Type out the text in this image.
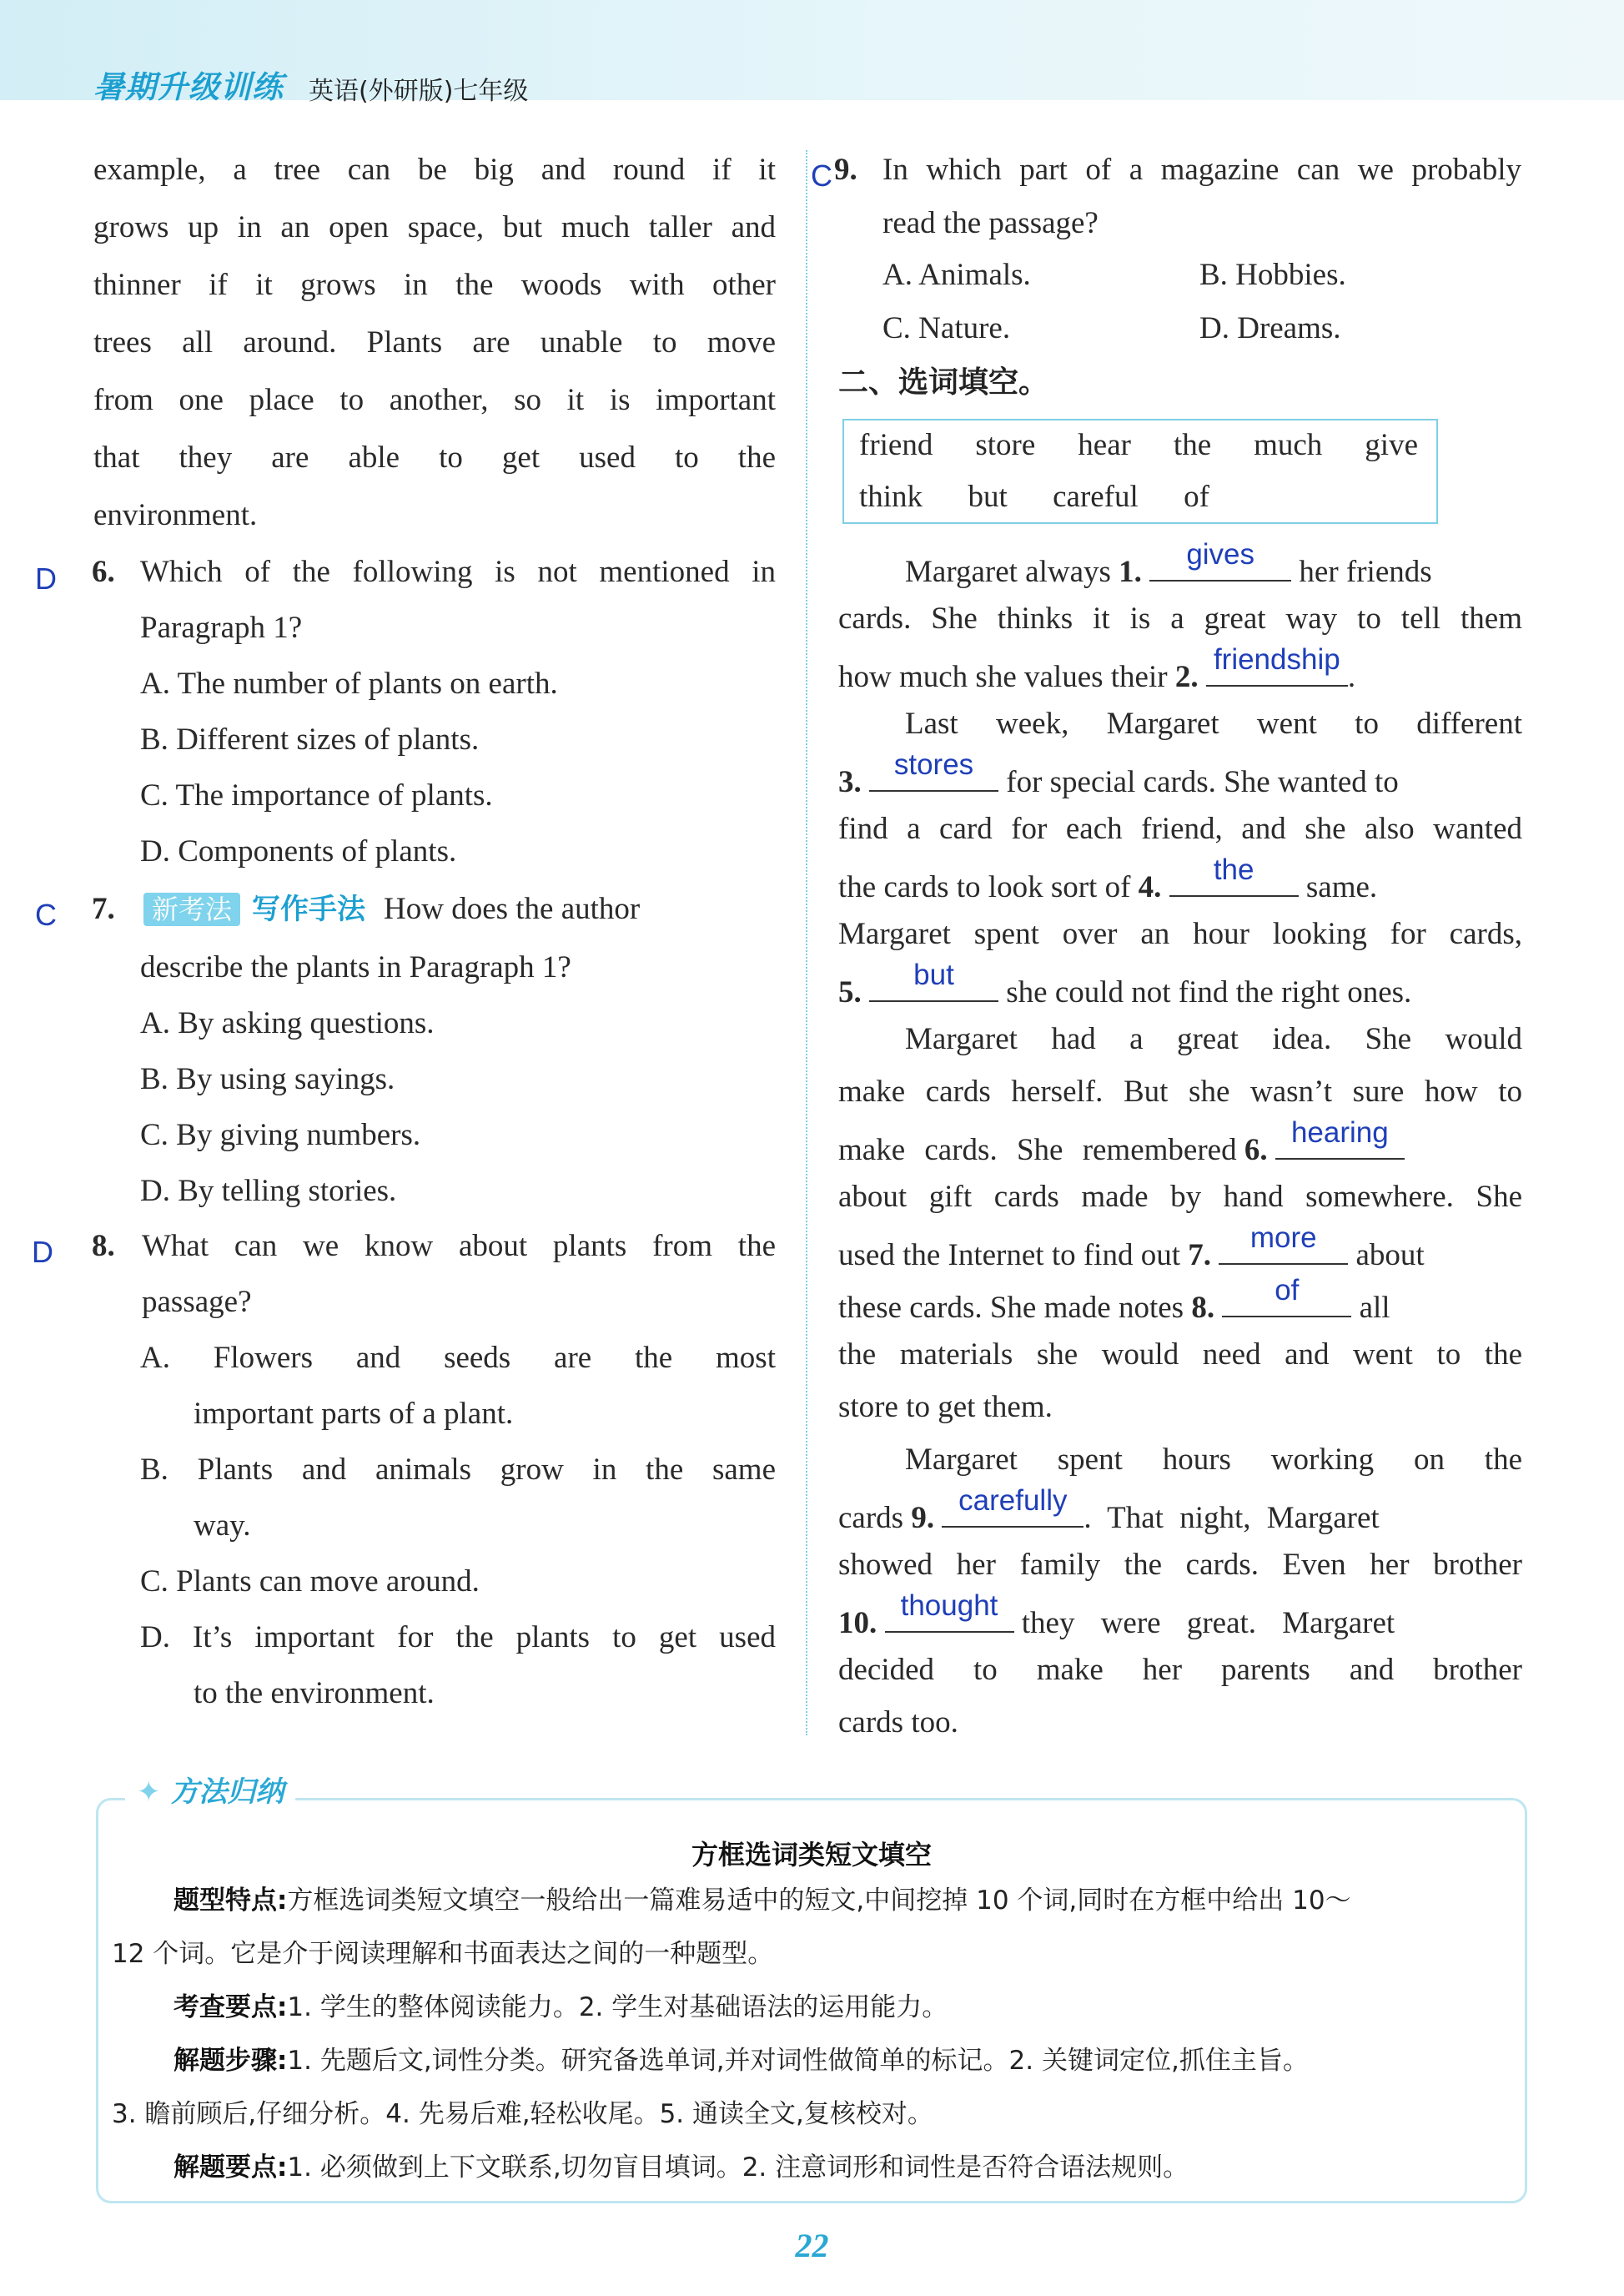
暑期升级训练 英语(外研版)七年级
example, a tree can be big and round if it
grows up in an open space, but much taller and
thinner if it grows in the woods with other
trees all around. Plants are unable to move
from one place to another, so it is important
that they are able to get used to the
environment.
D 6. Which of the following is not mentioned in
Paragraph 1?
A. The number of plants on earth.
B. Different sizes of plants.
C. The importance of plants.
D. Components of plants.
C 7.	新考法 写作手法 How does the author
describe the plants in Paragraph 1?
A. By asking questions.
B. By using sayings.
C. By giving numbers.
D. By telling stories.
D 8. What can we know about plants from the
passage?
A. Flowers and seeds are the most
important parts of a plant.
B. Plants and animals grow in the same
way.
C. Plants can move around.
D. It’s important for the plants to get used
to the environment.
C 9. In which part of a magazine can we probably
read the passage?
A. Animals.	B. Hobbies.
C. Nature.	D. Dreams.
二、选词填空。
friend store hear the much give
think but careful of
Margaret always 1.
gives
her friends
cards. She thinks it is a great way to tell them
how much she values their 2.
friendship
.
Last week, Margaret went to different
3.
stores
for special cards. She wanted to
find a card for each friend, and she also wanted
the cards to look sort of 4.
the
same.
Margaret spent over an hour looking for cards,
5.
but
she could not find the right ones.
Margaret had a great idea. She would
make cards herself. But she wasn’t sure how to
make cards. She remembered 6.
hearing
about gift cards made by hand somewhere. She
used the Internet to find out 7.
more
about
these cards. She made notes 8.
of
all
the materials she would need and went to the
store to get them.
Margaret spent hours working on the
cards 9.
carefully
. That night, Margaret
showed her family the cards. Even her brother
10.
thought
they were great. Margaret
decided to make her parents and brother
cards too.
方框选词类短文填空
题型特点:方框选词类短文填空一般给出一篇难易适中的短文,中间挖掉 10 个词,同时在方框中给出 10～
12 个词。它是介于阅读理解和书面表达之间的一种题型。
考查要点:1. 学生的整体阅读能力。2. 学生对基础语法的运用能力。
解题步骤:1. 先题后文,词性分类。研究备选单词,并对词性做简单的标记。2. 关键词定位,抓住主旨。
3. 瞻前顾后,仔细分析。4. 先易后难,轻松收尾。5. 通读全文,复核校对。
解题要点:1. 必须做到上下文联系,切勿盲目填词。2. 注意词形和词性是否符合语法规则。
✦ 方法归纳
22
